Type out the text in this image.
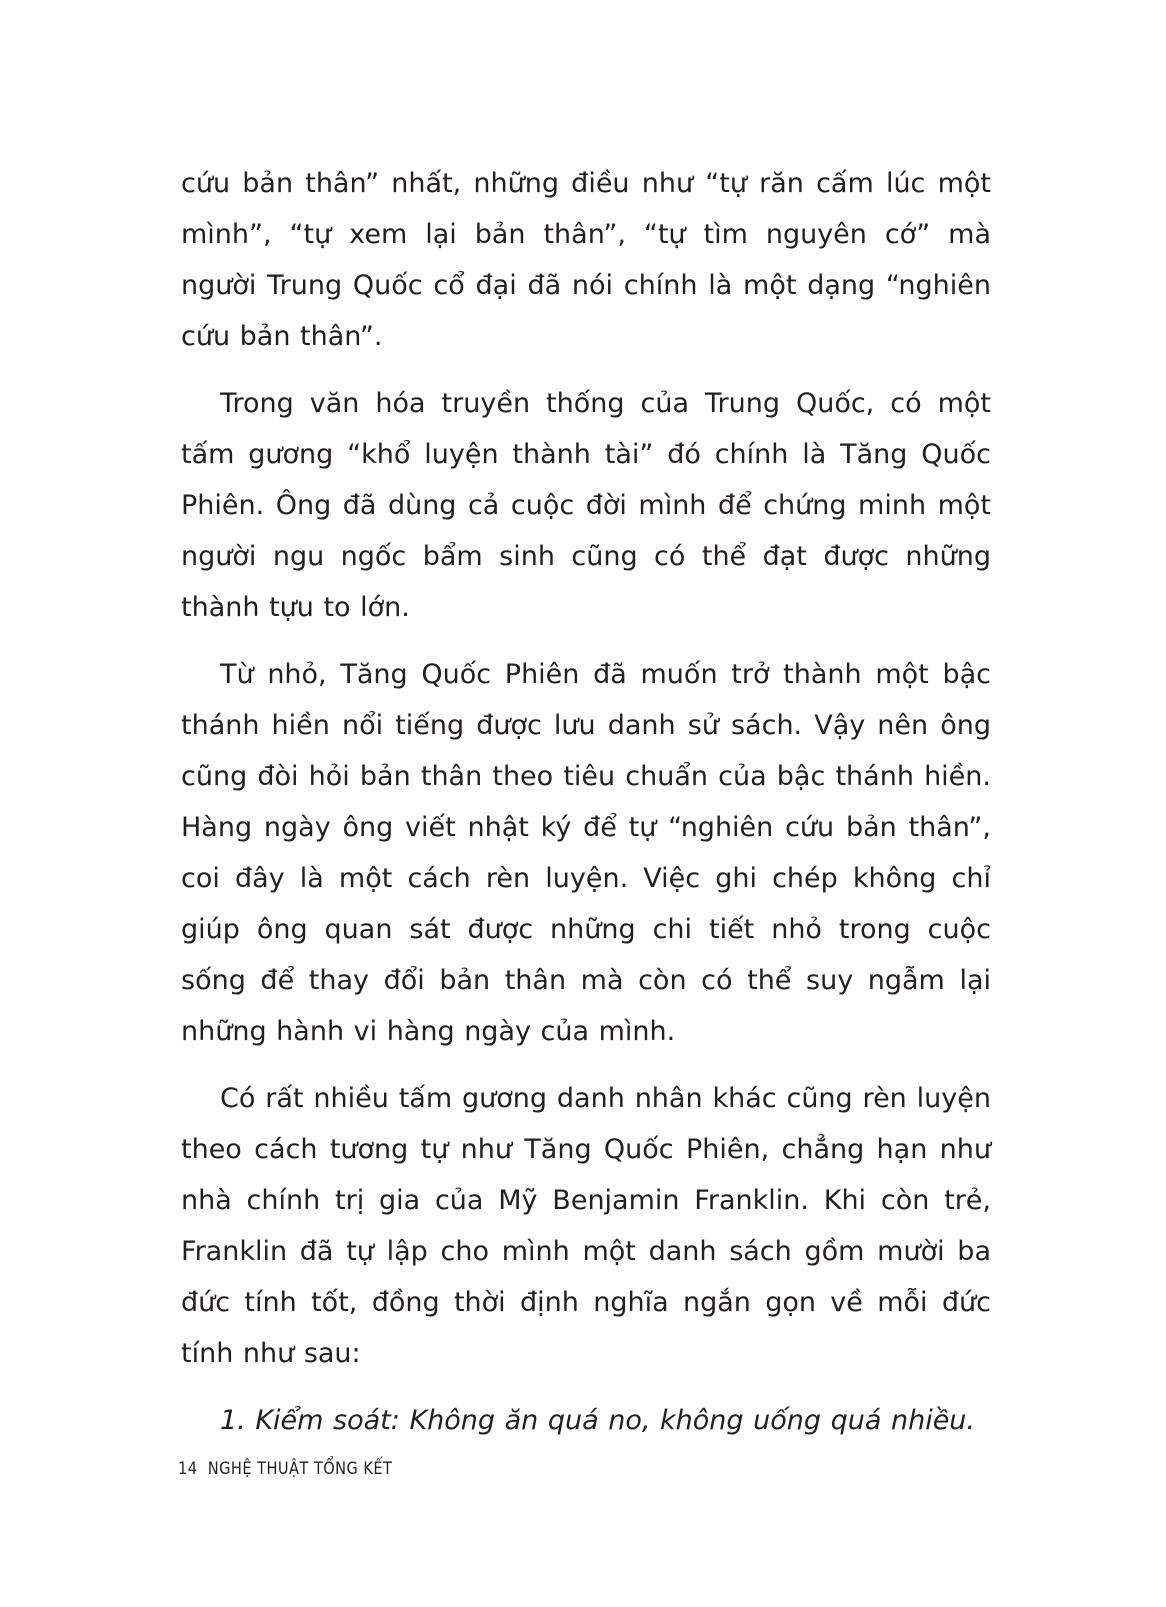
cứu bản thân” nhất, những điều như “tự răn cấm lúc một mình”, “tự xem lại bản thân”, “tự tìm nguyên cớ” mà người Trung Quốc cổ đại đã nói chính là một dạng “nghiên cứu bản thân”.

Trong văn hóa truyền thống của Trung Quốc, có một tấm gương “khổ luyện thành tài” đó chính là Tăng Quốc Phiên. Ông đã dùng cả cuộc đời mình để chứng minh một người ngu ngốc bẩm sinh cũng có thể đạt được những thành tựu to lớn.

Từ nhỏ, Tăng Quốc Phiên đã muốn trở thành một bậc thánh hiền nổi tiếng được lưu danh sử sách. Vậy nên ông cũng đòi hỏi bản thân theo tiêu chuẩn của bậc thánh hiền. Hàng ngày ông viết nhật ký để tự “nghiên cứu bản thân”, coi đây là một cách rèn luyện. Việc ghi chép không chỉ giúp ông quan sát được những chi tiết nhỏ trong cuộc sống để thay đổi bản thân mà còn có thể suy ngẫm lại những hành vi hàng ngày của mình.

Có rất nhiều tấm gương danh nhân khác cũng rèn luyện theo cách tương tự như Tăng Quốc Phiên, chẳng hạn như nhà chính trị gia của Mỹ Benjamin Franklin. Khi còn trẻ, Franklin đã tự lập cho mình một danh sách gồm mười ba đức tính tốt, đồng thời định nghĩa ngắn gọn về mỗi đức tính như sau:

1. Kiểm soát: Không ăn quá no, không uống quá nhiều.

14 NGHỆ THUẬT TỔNG KẾT
